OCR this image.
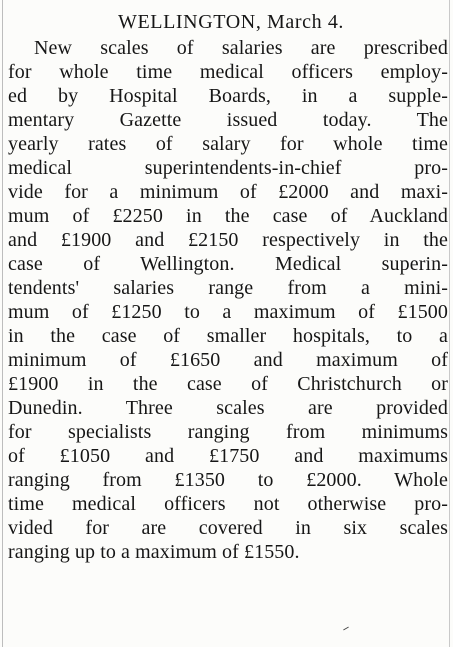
WELLINGTON, March 4.

New scales of salaries are prescribed
for whole time medical officers employ-
ed by Hospital Boards, in a supple-
mentary Gazette issued today. The
yearly rates of salary for whole time
medical superintendents-in-chief pro-
vide for a minimum of £2000 and maxi-
mum of £2250 in the case of Auckland
and £1900 and £2150 respectively in the
case of Wellington. Medical superin-
tendents' salaries range from a mini-
mum of £1250 to a maximum of £1500
in the case of smaller hospitals, to a
minimum of £1650 and maximum of
£1900 in the case of Christchurch or
Dunedin. Three scales are provided
for specialists ranging from minimums
of £1050 and £1750 and maximums
ranging from £1350 to £2000. Whole
time medical officers not otherwise pro-
vided for are covered in six scales
ranging up to a maximum of £1550.
